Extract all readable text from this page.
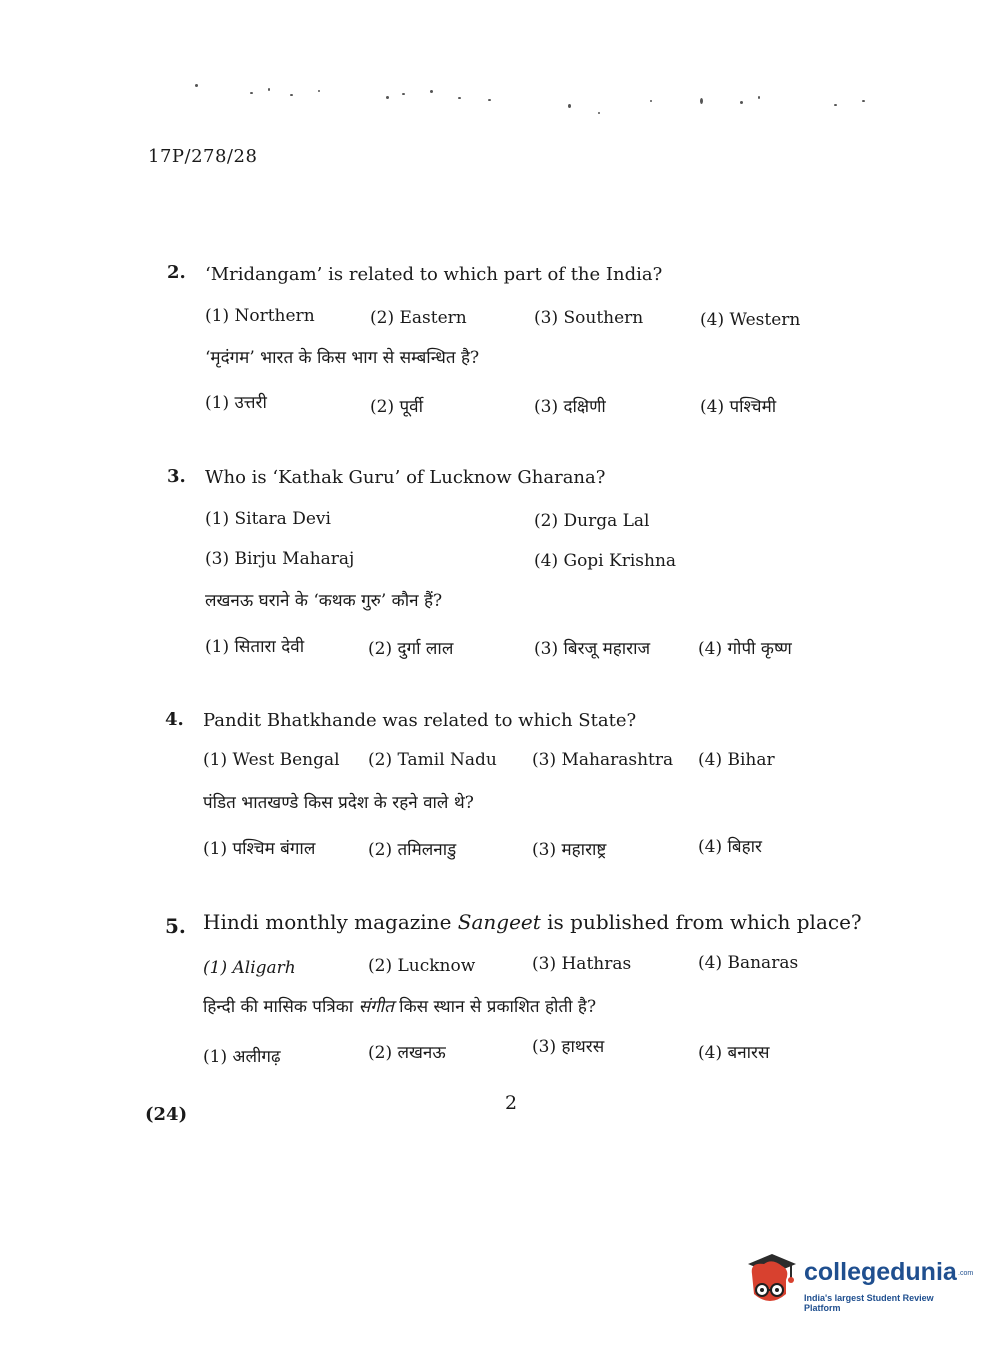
17P/278/28
2. ‘Mridangam’ is related to which part of the India?
(1) Northern	(2) Eastern	(3) Southern	(4) Western
‘मृदंगम’ भारत के किस भाग से सम्बन्धित है?
(1) उत्तरी	(2) पूर्वी	(3) दक्षिणी	(4) पश्चिमी
3. Who is ‘Kathak Guru’ of Lucknow Gharana?
(1) Sitara Devi	(2) Durga Lal
(3) Birju Maharaj	(4) Gopi Krishna
लखनऊ घराने के ‘कथक गुरु’ कौन हैं?
(1) सितारा देवी	(2) दुर्गा लाल	(3) बिरजू महाराज	(4) गोपी कृष्ण
4. Pandit Bhatkhande was related to which State?
(1) West Bengal (2) Tamil Nadu (3) Maharashtra (4) Bihar
पंडित भातखण्डे किस प्रदेश के रहने वाले थे?
(1) पश्चिम बंगाल	(2) तमिलनाडु	(3) महाराष्ट्र	(4) बिहार
5. Hindi monthly magazine Sangeet is published from which place?
(1) Aligarh	(2) Lucknow	(3) Hathras	(4) Banaras
हिन्दी की मासिक पत्रिका संगीत किस स्थान से प्रकाशित होती है?
(1) अलीगढ़	(2) लखनऊ	(3) हाथरस	(4) बनारस
2
(24)
collegedunia .com
India's largest Student Review Platform
